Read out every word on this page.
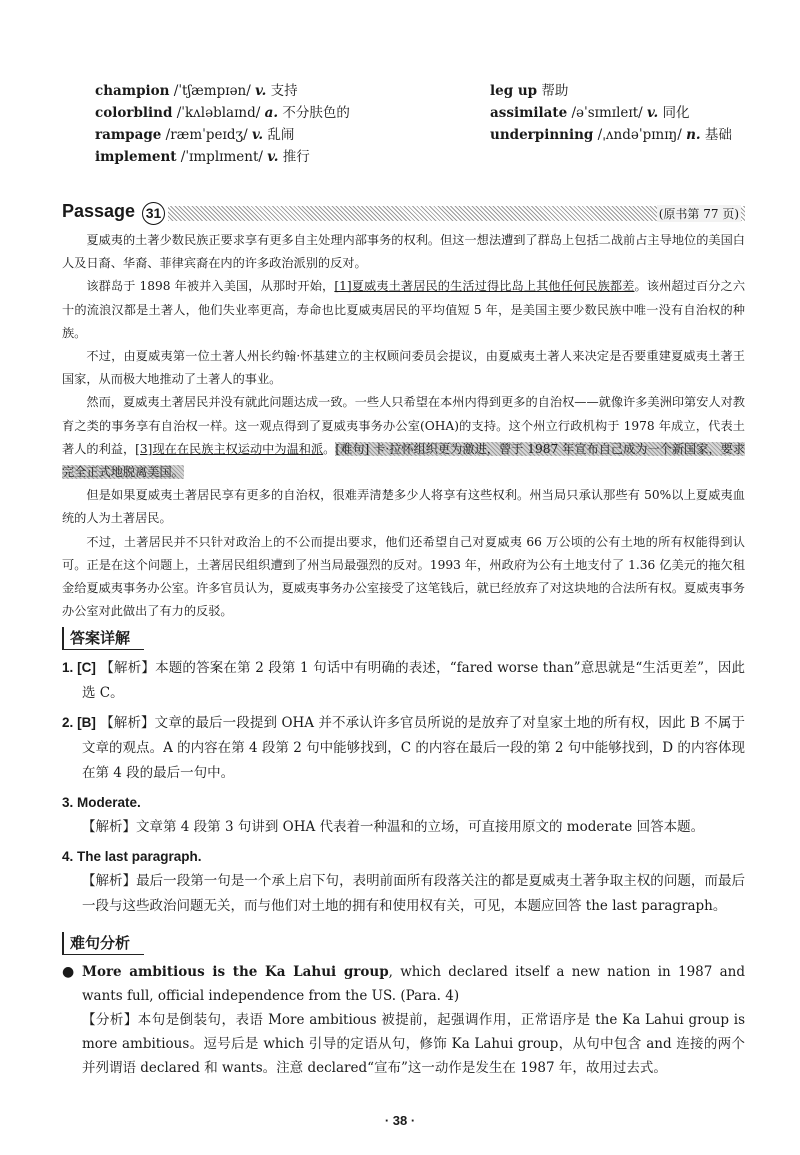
champion /ˈtʃæmpɪən/ v. 支持
colorblind /ˈkʌləblaɪnd/ a. 不分肤色的
rampage /ræmˈpeɪdʒ/ v. 乱闹
implement /ˈɪmplɪment/ v. 推行
leg up 帮助
assimilate /əˈsɪmɪleɪt/ v. 同化
underpinning /ˌʌndəˈpɪnɪŋ/ n. 基础
Passage 31	(原书第 77 页)

夏威夷的土著少数民族正要求享有更多自主处理内部事务的权利。但这一想法遭到了群岛上包括二战前占主导地位的美国白人及日裔、华裔、菲律宾裔在内的许多政治派别的反对。

该群岛于 1898 年被并入美国，从那时开始，[1]夏威夷土著居民的生活过得比岛上其他任何民族都差。该州超过百分之六十的流浪汉都是土著人，他们失业率更高，寿命也比夏威夷居民的平均值短 5 年，是美国主要少数民族中唯一没有自治权的种族。

不过，由夏威夷第一位土著人州长约翰·怀基建立的主权顾问委员会提议，由夏威夷土著人来决定是否要重建夏威夷土著王国家，从而极大地推动了土著人的事业。

然而，夏威夷土著居民并没有就此问题达成一致。一些人只希望在本州内得到更多的自治权——就像许多美洲印第安人对教育之类的事务享有自治权一样。这一观点得到了夏威夷事务办公室(OHA)的支持。这个州立行政机构于 1978 年成立，代表土著人的利益，[3]现在在民族主权运动中为温和派。[难句] 卡·拉怀组织更为激进，曾于 1987 年宣布自己成为一个新国家，要求完全正式地脱离美国。

但是如果夏威夷土著居民享有更多的自治权，很难弄清楚多少人将享有这些权利。州当局只承认那些有 50%以上夏威夷血统的人为土著居民。

不过，土著居民并不只针对政治上的不公而提出要求，他们还希望自己对夏威夷 66 万公顷的公有土地的所有权能得到认可。正是在这个问题上，土著居民组织遭到了州当局最强烈的反对。1993 年，州政府为公有土地支付了 1.36 亿美元的拖欠租金给夏威夷事务办公室。许多官员认为，夏威夷事务办公室接受了这笔钱后，就已经放弃了对这块地的合法所有权。夏威夷事务办公室对此做出了有力的反驳。

答案详解
1. [C] 【解析】本题的答案在第 2 段第 1 句话中有明确的表述，“fared worse than”意思就是“生活更差”，因此选 C。
2. [B] 【解析】文章的最后一段提到 OHA 并不承认许多官员所说的是放弃了对皇家土地的所有权，因此 B 不属于文章的观点。A 的内容在第 4 段第 2 句中能够找到，C 的内容在最后一段的第 2 句中能够找到，D 的内容体现在第 4 段的最后一句中。
3. Moderate.
【解析】文章第 4 段第 3 句讲到 OHA 代表着一种温和的立场，可直接用原文的 moderate 回答本题。
4. The last paragraph.
【解析】最后一段第一句是一个承上启下句，表明前面所有段落关注的都是夏威夷土著争取主权的问题，而最后一段与这些政治问题无关，而与他们对土地的拥有和使用权有关，可见，本题应回答 the last paragraph。
难句分析
● More ambitious is the Ka Lahui group, which declared itself a new nation in 1987 and wants full, official independence from the US. (Para. 4)
【分析】本句是倒装句，表语 More ambitious 被提前，起强调作用，正常语序是 the Ka Lahui group is more ambitious。逗号后是 which 引导的定语从句，修饰 Ka Lahui group，从句中包含 and 连接的两个并列谓语 declared 和 wants。注意 declared“宣布”这一动作是发生在 1987 年，故用过去式。
· 38 ·
